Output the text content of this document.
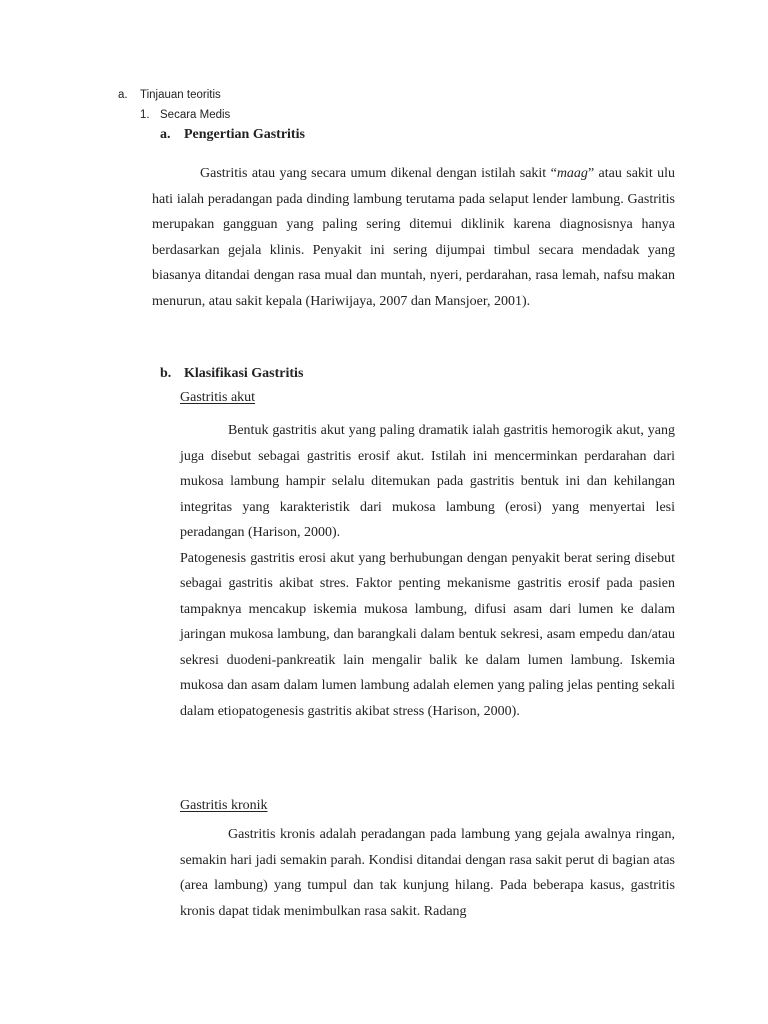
a. Tinjauan teoritis
1. Secara Medis
a. Pengertian Gastritis

Gastritis atau yang secara umum dikenal dengan istilah sakit “maag” atau sakit ulu hati ialah peradangan pada dinding lambung terutama pada selaput lender lambung. Gastritis merupakan gangguan yang paling sering ditemui diklinik karena diagnosisnya hanya berdasarkan gejala klinis. Penyakit ini sering dijumpai timbul secara mendadak yang biasanya ditandai dengan rasa mual dan muntah, nyeri, perdarahan, rasa lemah, nafsu makan menurun, atau sakit kepala (Hariwijaya, 2007 dan Mansjoer, 2001).

b. Klasifikasi Gastritis
Gastritis akut

Bentuk gastritis akut yang paling dramatik ialah gastritis hemorogik akut, yang juga disebut sebagai gastritis erosif akut. Istilah ini mencerminkan perdarahan dari mukosa lambung hampir selalu ditemukan pada gastritis bentuk ini dan kehilangan integritas yang karakteristik dari mukosa lambung (erosi) yang menyertai lesi peradangan (Harison, 2000).

Patogenesis gastritis erosi akut yang berhubungan dengan penyakit berat sering disebut sebagai gastritis akibat stres. Faktor penting mekanisme gastritis erosif pada pasien tampaknya mencakup iskemia mukosa lambung, difusi asam dari lumen ke dalam jaringan mukosa lambung, dan barangkali dalam bentuk sekresi, asam empedu dan/atau sekresi duodeni-pankreatik lain mengalir balik ke dalam lumen lambung. Iskemia mukosa dan asam dalam lumen lambung adalah elemen yang paling jelas penting sekali dalam etiopatogenesis gastritis akibat stress (Harison, 2000).

Gastritis kronik

Gastritis kronis adalah peradangan pada lambung yang gejala awalnya ringan, semakin hari jadi semakin parah. Kondisi ditandai dengan rasa sakit perut di bagian atas (area lambung) yang tumpul dan tak kunjung hilang. Pada beberapa kasus, gastritis kronis dapat tidak menimbulkan rasa sakit. Radang
